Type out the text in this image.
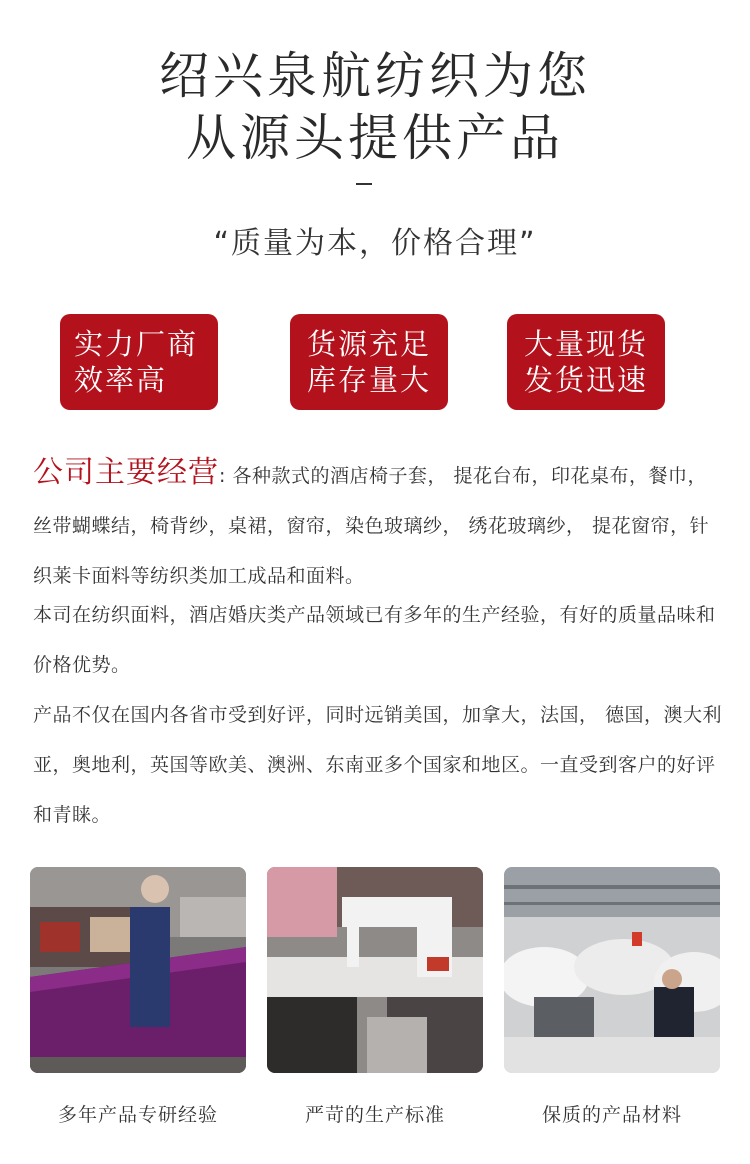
绍兴泉航纺织为您
从源头提供产品
“质量为本，价格合理”
实力厂商
效率高
货源充足
库存量大
大量现货
发货迅速
公司主要经营: 各种款式的酒店椅子套， 提花台布，印花桌布，餐巾，丝带蝴蝶结，椅背纱，桌裙，窗帘，染色玻璃纱， 绣花玻璃纱， 提花窗帘，针织莱卡面料等纺织类加工成品和面料。
本司在纺织面料，酒店婚庆类产品领域已有多年的生产经验，有好的质量品味和价格优势。
产品不仅在国内各省市受到好评，同时远销美国，加拿大，法国， 德国，澳大利亚，奥地利，英国等欧美、澳洲、东南亚多个国家和地区。一直受到客户的好评和青睐。
多年产品专研经验	严苛的生产标准	保质的产品材料
